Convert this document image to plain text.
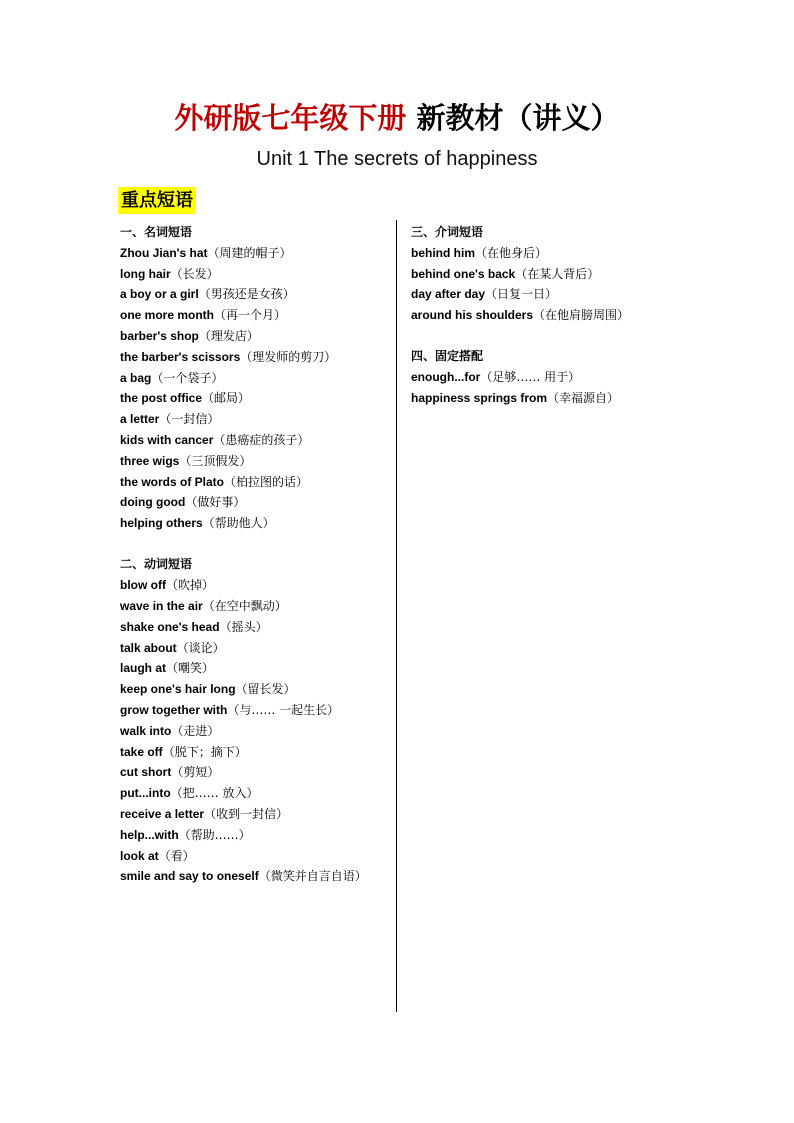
外研版七年级下册 新教材（讲义）
Unit 1 The secrets of happiness
重点短语
一、名词短语
Zhou Jian's hat（周建的帽子）
long hair（长发）
a boy or a girl（男孩还是女孩）
one more month（再一个月）
barber's shop（理发店）
the barber's scissors（理发师的剪刀）
a bag（一个袋子）
the post office（邮局）
a letter（一封信）
kids with cancer（患癌症的孩子）
three wigs（三顶假发）
the words of Plato（柏拉图的话）
doing good（做好事）
helping others（帮助他人）
二、动词短语
blow off（吹掉）
wave in the air（在空中飘动）
shake one's head（摇头）
talk about（谈论）
laugh at（嘲笑）
keep one's hair long（留长发）
grow together with（与…… 一起生长）
walk into（走进）
take off（脱下；摘下）
cut short（剪短）
put...into（把…… 放入）
receive a letter（收到一封信）
help...with（帮助……）
look at（看）
smile and say to oneself（微笑并自言自语）
三、介词短语
behind him（在他身后）
behind one's back（在某人背后）
day after day（日复一日）
around his shoulders（在他肩膀周围）
四、固定搭配
enough...for（足够…… 用于）
happiness springs from（幸福源自）
